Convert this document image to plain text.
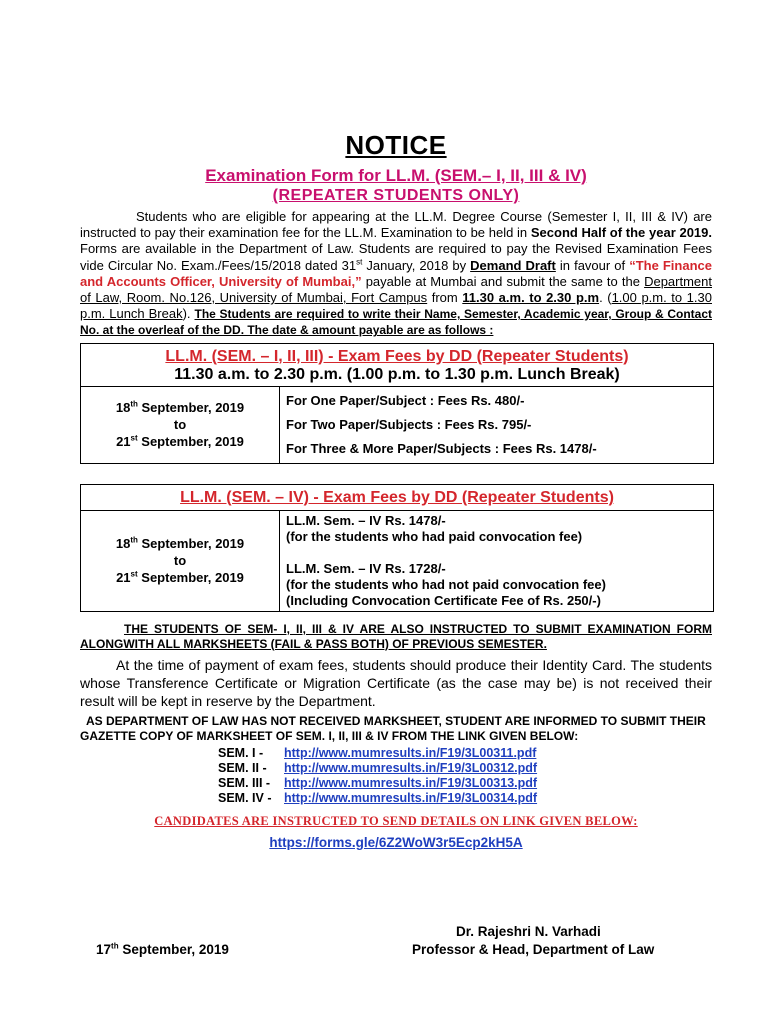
NOTICE
Examination Form for LL.M. (SEM.– I, II, III & IV)
(REPEATER STUDENTS ONLY)

Students who are eligible for appearing at the LL.M. Degree Course (Semester I, II, III & IV) are instructed to pay their examination fee for the LL.M. Examination to be held in Second Half of the year 2019. Forms are available in the Department of Law. Students are required to pay the Revised Examination Fees vide Circular No. Exam./Fees/15/2018 dated 31st January, 2018 by Demand Draft in favour of “The Finance and Accounts Officer, University of Mumbai,” payable at Mumbai and submit the same to the Department of Law, Room. No.126, University of Mumbai, Fort Campus from 11.30 a.m. to 2.30 p.m. (1.00 p.m. to 1.30 p.m. Lunch Break). The Students are required to write their Name, Semester, Academic year, Group & Contact No. at the overleaf of the DD. The date & amount payable are as follows :

LL.M. (SEM. – I, II, III) - Exam Fees by DD (Repeater Students)
11.30 a.m. to 2.30 p.m. (1.00 p.m. to 1.30 p.m. Lunch Break)

18th September, 2019
to
21st September, 2019

For One Paper/Subject : Fees Rs. 480/-
For Two Paper/Subjects : Fees Rs. 795/-
For Three & More Paper/Subjects : Fees Rs. 1478/-
LL.M. (SEM. – IV) - Exam Fees by DD (Repeater Students)

18th September, 2019
to
21st September, 2019

LL.M. Sem. – IV Rs. 1478/-
(for the students who had paid convocation fee)
LL.M. Sem. – IV Rs. 1728/-
(for the students who had not paid convocation fee)
(Including Convocation Certificate Fee of Rs. 250/-)
THE STUDENTS OF SEM- I, II, III & IV ARE ALSO INSTRUCTED TO SUBMIT EXAMINATION FORM ALONGWITH ALL MARKSHEETS (FAIL & PASS BOTH) OF PREVIOUS SEMESTER.
At the time of payment of exam fees, students should produce their Identity Card. The students whose Transference Certificate or Migration Certificate (as the case may be) is not received their result will be kept in reserve by the Department.
AS DEPARTMENT OF LAW HAS NOT RECEIVED MARKSHEET, STUDENT ARE INFORMED TO SUBMIT THEIR GAZETTE COPY OF MARKSHEET OF SEM. I, II, III & IV FROM THE LINK GIVEN BELOW:
SEM. I - http://www.mumresults.in/F19/3L00311.pdf
SEM. II - http://www.mumresults.in/F19/3L00312.pdf
SEM. III - http://www.mumresults.in/F19/3L00313.pdf
SEM. IV - http://www.mumresults.in/F19/3L00314.pdf
CANDIDATES ARE INSTRUCTED TO SEND DETAILS ON LINK GIVEN BELOW:
https://forms.gle/6Z2WoW3r5Ecp2kH5A
Dr. Rajeshri N. Varhadi
17th September, 2019	Professor & Head, Department of Law
